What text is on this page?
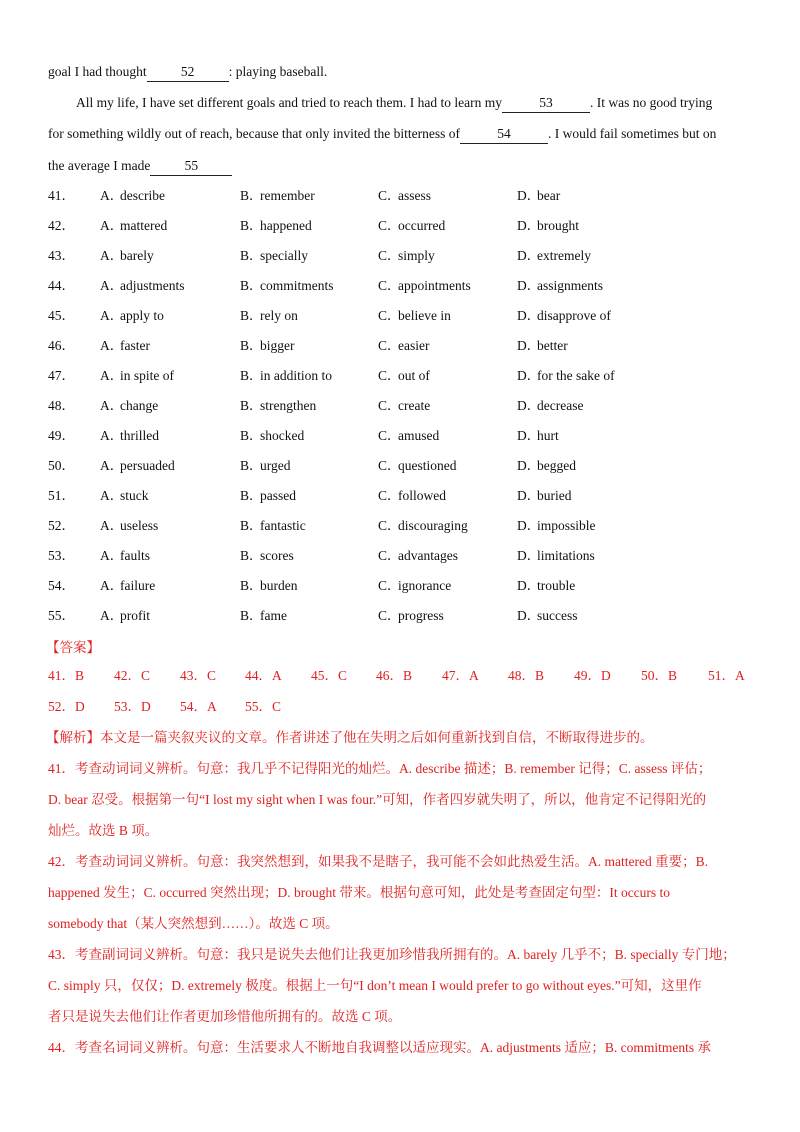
goal I had thought	52	: playing baseball.
All my life, I have set different goals and tried to reach them. I had to learn my	53	. It was no good trying
for something wildly out of reach, because that only invited the bitterness of	54	. I would fail sometimes but on
the average I made	55
41． A．describe	B．remember	C．assess	D．bear
42． A．mattered	B．happened	C．occurred	D．brought
43． A．barely	B．specially	C．simply	D．extremely
44． A．adjustments	B．commitments	C．appointments	D．assignments
45． A．apply to	B．rely on	C．believe in	D．disapprove of
46． A．faster	B．bigger	C．easier	D．better
47． A．in spite of	B．in addition to	C．out of	D．for the sake of
48． A．change	B．strengthen	C．create	D．decrease
49． A．thrilled	B．shocked	C．amused	D．hurt
50． A．persuaded	B．urged	C．questioned	D．begged
51． A．stuck	B．passed	C．followed	D．buried
52． A．useless	B．fantastic	C．discouraging	D．impossible
53． A．faults	B．scores	C．advantages	D．limitations
54． A．failure	B．burden	C．ignorance	D．trouble
55． A．profit	B．fame	C．progress	D．success
【答案】
41．B 42．C 43．C 44．A 45．C 46．B 47．A 48．B 49．D 50．B 51．A
52．D 53．D 54．A 55．C
【解析】本文是一篇夹叙夹议的文章。作者讲述了他在失明之后如何重新找到自信，不断取得进步的。
41．考查动词词义辨析。句意：我几乎不记得阳光的灿烂。A. describe 描述；B. remember 记得；C. assess 评估；
D. bear 忍受。根据第一句“I lost my sight when I was four.”可知，作者四岁就失明了，所以，他肯定不记得阳光的
灿烂。故选 B 项。
42．考查动词词义辨析。句意：我突然想到，如果我不是瞎子，我可能不会如此热爱生活。A. mattered 重要；B.
happened 发生；C. occurred 突然出现；D. brought 带来。根据句意可知，此处是考查固定句型：It occurs to
somebody that（某人突然想到……）。故选 C 项。
43．考查副词词义辨析。句意：我只是说失去他们让我更加珍惜我所拥有的。A. barely 几乎不；B. specially 专门地；
C. simply 只，仅仅；D. extremely 极度。根据上一句“I don’t mean I would prefer to go without eyes.”可知，这里作
者只是说失去他们让作者更加珍惜他所拥有的。故选 C 项。
44．考查名词词义辨析。句意：生活要求人不断地自我调整以适应现实。A. adjustments 适应；B. commitments 承
